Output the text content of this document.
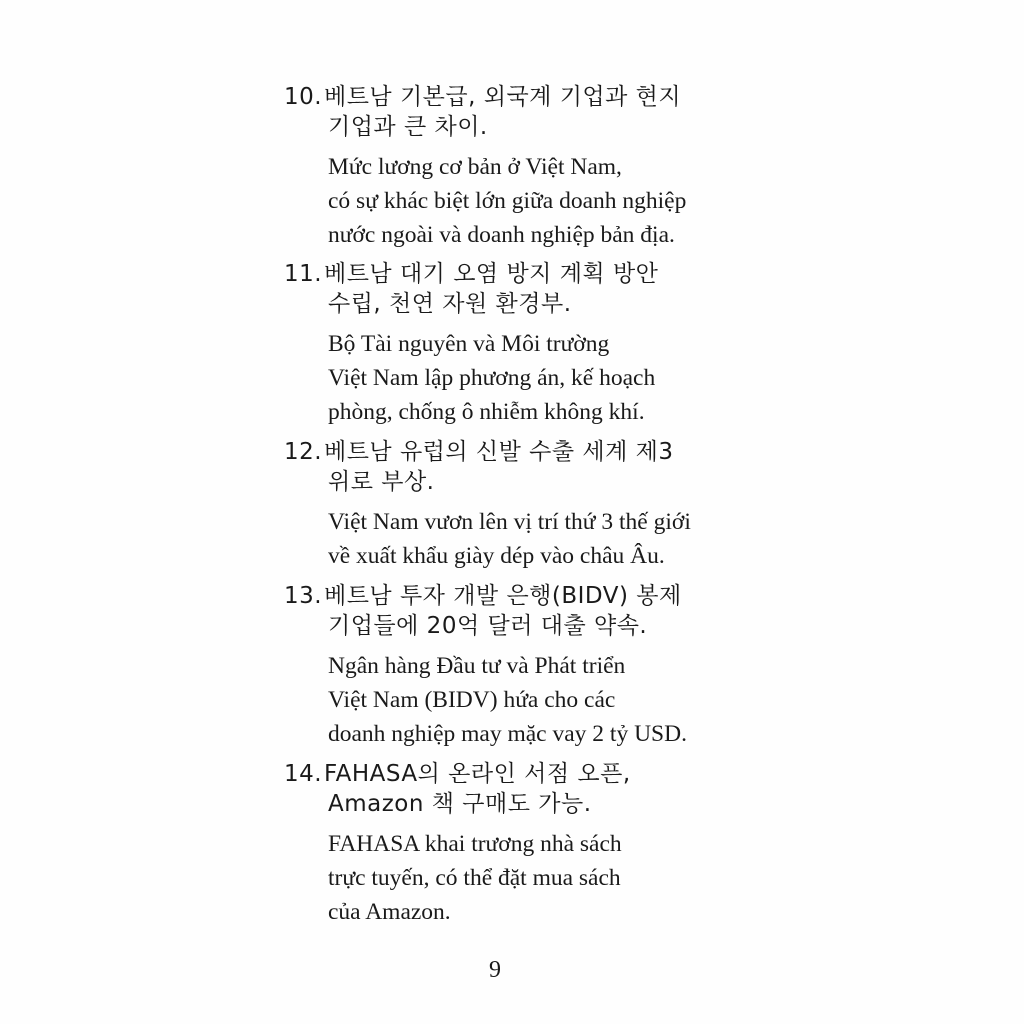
10.베트남 기본급, 외국계 기업과 현지
기업과 큰 차이.
Mức lương cơ bản ở Việt Nam,
có sự khác biệt lớn giữa doanh nghiệp
nước ngoài và doanh nghiệp bản địa.
11.베트남 대기 오염 방지 계획 방안
수립, 천연 자원 환경부.
Bộ Tài nguyên và Môi trường
Việt Nam lập phương án, kế hoạch
phòng, chống ô nhiễm không khí.
12.베트남 유럽의 신발 수출 세계 제3
위로 부상.
Việt Nam vươn lên vị trí thứ 3 thế giới
về xuất khẩu giày dép vào châu Âu.
13.베트남 투자 개발 은행(BIDV) 봉제
기업들에 20억 달러 대출 약속.
Ngân hàng Đầu tư và Phát triển
Việt Nam (BIDV) hứa cho các
doanh nghiệp may mặc vay 2 tỷ USD.
14.FAHASA의 온라인 서점 오픈,
Amazon 책 구매도 가능.
FAHASA khai trương nhà sách
trực tuyến, có thể đặt mua sách
của Amazon.
9
